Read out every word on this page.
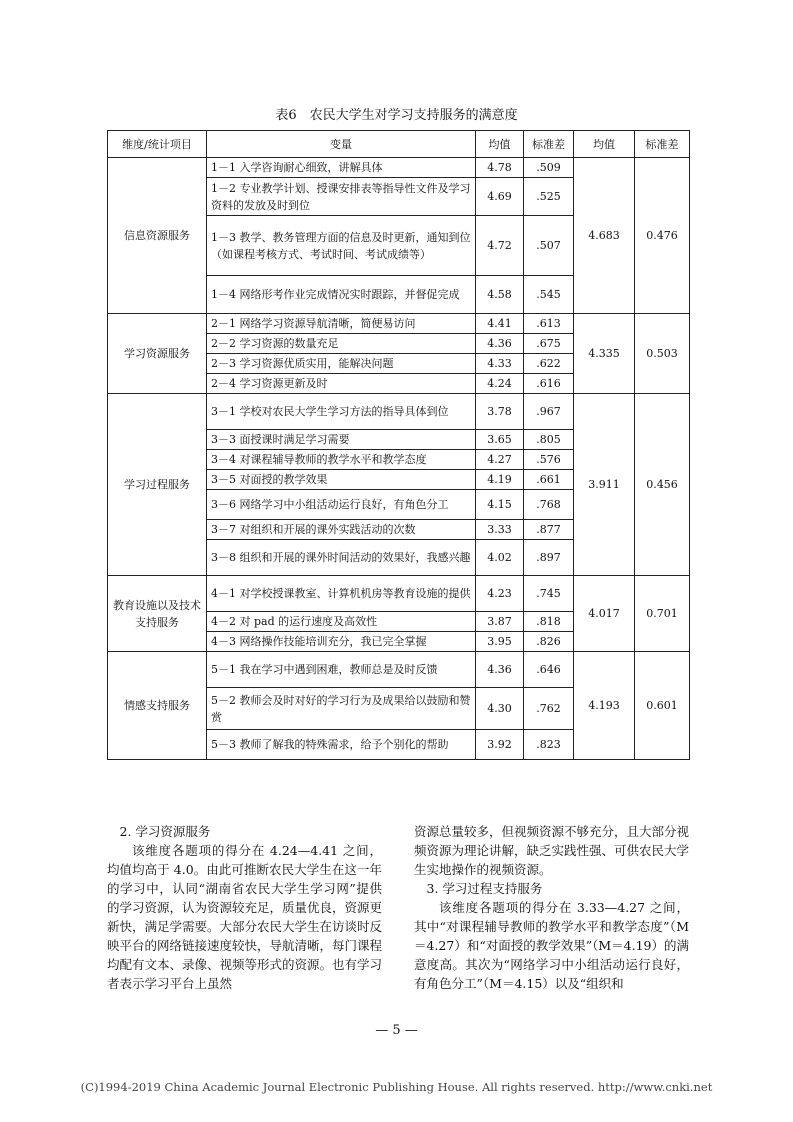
表6　农民大学生对学习支持服务的满意度
维度/统计项目	变量	均值	标准差	均值	标准差
信息资源服务	1－1 入学咨询耐心细致，讲解具体	4.78	.509	4.683	0.476
	1－2 专业教学计划、授课安排表等指导性文件及学习资料的发放及时到位	4.69	.525		
	1－3 教学、教务管理方面的信息及时更新，通知到位（如课程考核方式、考试时间、考试成绩等）	4.72	.507		
	1－4 网络形考作业完成情况实时跟踪，并督促完成	4.58	.545		
学习资源服务	2－1 网络学习资源导航清晰，简便易访问	4.41	.613	4.335	0.503
	2－2 学习资源的数量充足	4.36	.675		
	2－3 学习资源优质实用，能解决问题	4.33	.622		
	2－4 学习资源更新及时	4.24	.616		
学习过程服务	3－1 学校对农民大学生学习方法的指导具体到位	3.78	.967	3.911	0.456
	3－3 面授课时满足学习需要	3.65	.805		
	3－4 对课程辅导教师的教学水平和教学态度	4.27	.576		
	3－5 对面授的教学效果	4.19	.661		
	3－6 网络学习中小组活动运行良好，有角色分工	4.15	.768		
	3－7 对组织和开展的课外实践活动的次数	3.33	.877		
	3－8 组织和开展的课外时间活动的效果好，我感兴趣	4.02	.897		
教育设施以及技术支持服务	4－1 对学校授课教室、计算机机房等教育设施的提供	4.23	.745	4.017	0.701
	4－2 对 pad 的运行速度及高效性	3.87	.818		
	4－3 网络操作技能培训充分，我已完全掌握	3.95	.826		
情感支持服务	5－1 我在学习中遇到困难，教师总是及时反馈	4.36	.646	4.193	0.601
	5－2 教师会及时对好的学习行为及成果给以鼓励和赞赏	4.30	.762		
	5－3 教师了解我的特殊需求，给予个别化的帮助	3.92	.823		

2. 学习资源服务

该维度各题项的得分在 4.24—4.41 之间，均值均高于 4.0。由此可推断农民大学生在这一年的学习中，认同“湖南省农民大学生学习网”提供的学习资源，认为资源较充足，质量优良，资源更新快，满足学需要。大部分农民大学生在访谈时反映平台的网络链接速度较快，导航清晰，每门课程均配有文本、录像、视频等形式的资源。也有学习者表示学习平台上虽然

资源总量较多，但视频资源不够充分，且大部分视频资源为理论讲解，缺乏实践性强、可供农民大学生实地操作的视频资源。

3. 学习过程支持服务

该维度各题项的得分在 3.33—4.27 之间，其中“对课程辅导教师的教学水平和教学态度”（M＝4.27）和“对面授的教学效果”（M＝4.19）的满意度高。其次为“网络学习中小组活动运行良好，有角色分工”（M＝4.15）以及“组织和

— 5 —
(C)1994-2019 China Academic Journal Electronic Publishing House. All rights reserved. http://www.cnki.net
